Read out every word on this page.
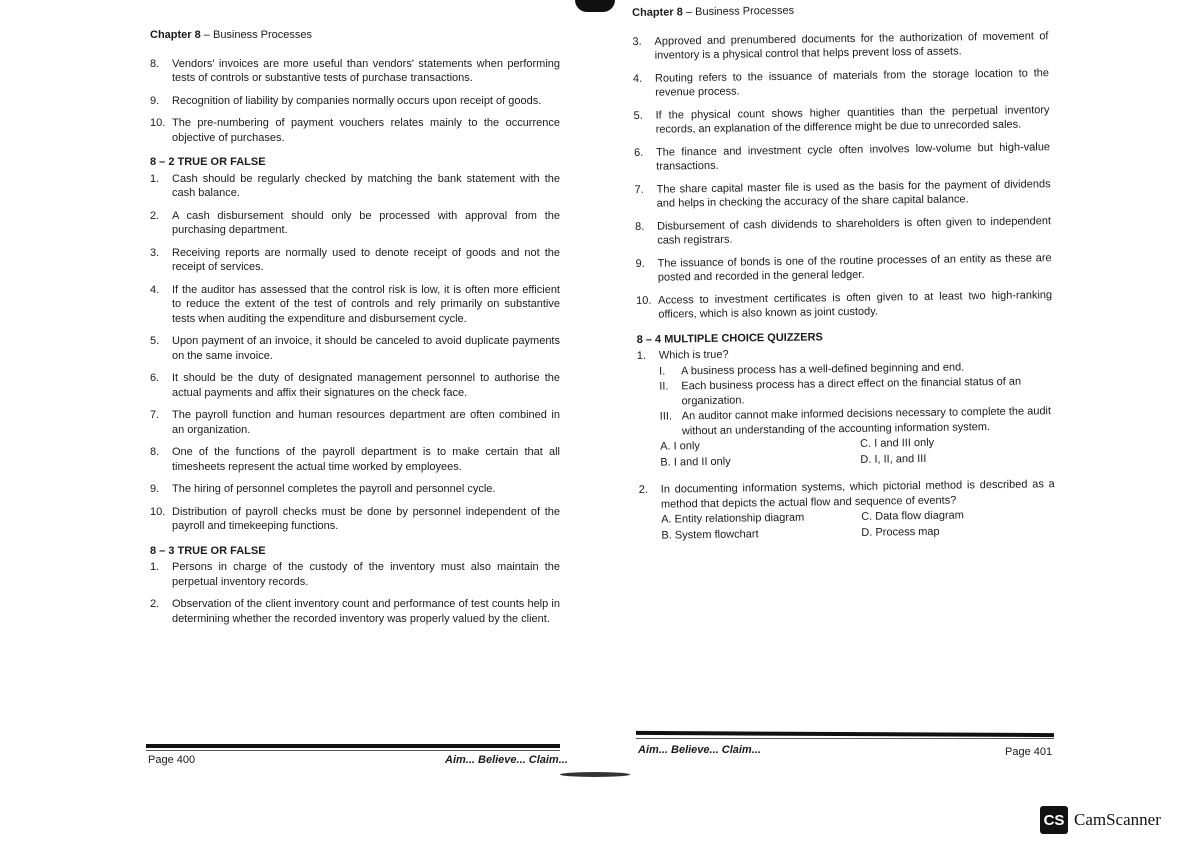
Chapter 8 – Business Processes
8.	Vendors' invoices are more useful than vendors' statements when performing tests of controls or substantive tests of purchase transactions.
9.	Recognition of liability by companies normally occurs upon receipt of goods.
10. The pre-numbering of payment vouchers relates mainly to the occurrence objective of purchases.
8 – 2 TRUE OR FALSE
1.	Cash should be regularly checked by matching the bank statement with the cash balance.
2.	A cash disbursement should only be processed with approval from the purchasing department.
3.	Receiving reports are normally used to denote receipt of goods and not the receipt of services.
4.	If the auditor has assessed that the control risk is low, it is often more efficient to reduce the extent of the test of controls and rely primarily on substantive tests when auditing the expenditure and disbursement cycle.
5.	Upon payment of an invoice, it should be canceled to avoid duplicate payments on the same invoice.
6.	It should be the duty of designated management personnel to authorise the actual payments and affix their signatures on the check face.
7.	The payroll function and human resources department are often combined in an organization.
8.	One of the functions of the payroll department is to make certain that all timesheets represent the actual time worked by employees.
9.	The hiring of personnel completes the payroll and personnel cycle.
10. Distribution of payroll checks must be done by personnel independent of the payroll and timekeeping functions.
8 – 3 TRUE OR FALSE
1.	Persons in charge of the custody of the inventory must also maintain the perpetual inventory records.
2.	Observation of the client inventory count and performance of test counts help in determining whether the recorded inventory was properly valued by the client.
Page 400	Aim... Believe... Claim...
Chapter 8 – Business Processes
3.	Approved and prenumbered documents for the authorization of movement of inventory is a physical control that helps prevent loss of assets.
4.	Routing refers to the issuance of materials from the storage location to the revenue process.
5.	If the physical count shows higher quantities than the perpetual inventory records, an explanation of the difference might be due to unrecorded sales.
6.	The finance and investment cycle often involves low-volume but high-value transactions.
7.	The share capital master file is used as the basis for the payment of dividends and helps in checking the accuracy of the share capital balance.
8.	Disbursement of cash dividends to shareholders is often given to independent cash registrars.
9.	The issuance of bonds is one of the routine processes of an entity as these are posted and recorded in the general ledger.
10. Access to investment certificates is often given to at least two high-ranking officers, which is also known as joint custody.
8 – 4 MULTIPLE CHOICE QUIZZERS
1.	Which is true?
I.	A business process has a well-defined beginning and end.
II.	Each business process has a direct effect on the financial status of an organization.
III. An auditor cannot make informed decisions necessary to complete the audit without an understanding of the accounting information system.
A. I only	C. I and III only
B. I and II only	D. I, II, and III
2.	In documenting information systems, which pictorial method is described as a method that depicts the actual flow and sequence of events?
A. Entity relationship diagram	C. Data flow diagram
B. System flowchart	D. Process map
Aim... Believe... Claim...	Page 401
CS CamScanner
